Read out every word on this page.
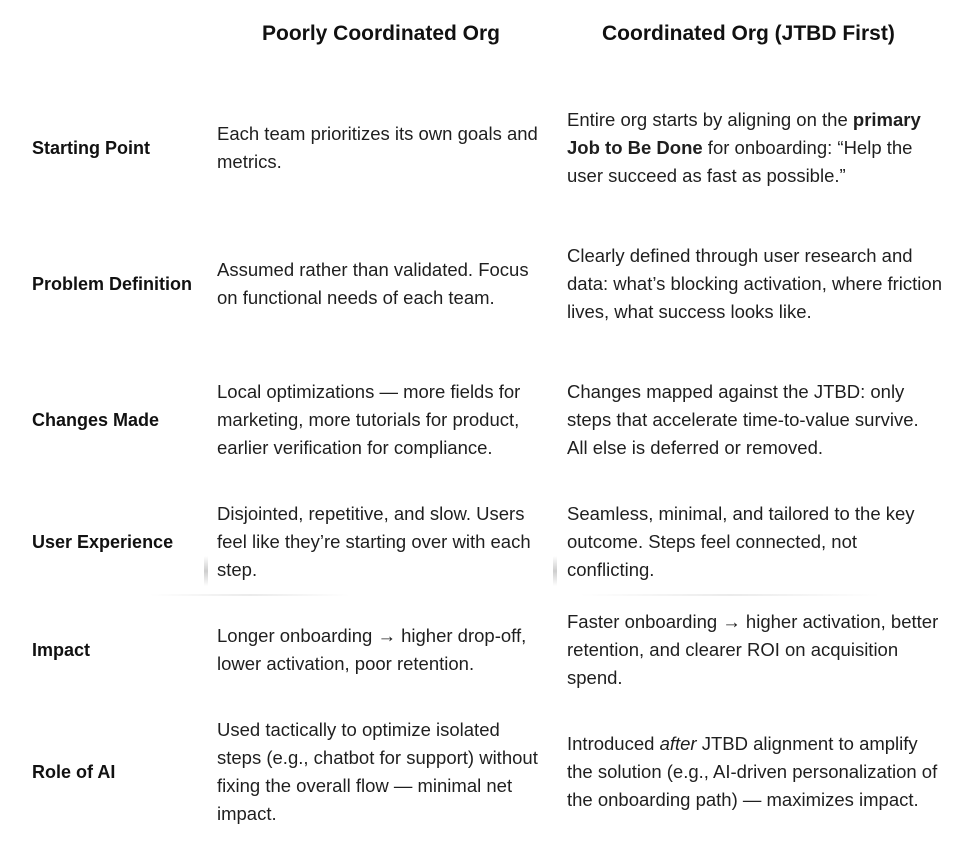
Poorly Coordinated Org	Coordinated Org (JTBD First)
Starting Point
Each team prioritizes its own goals and metrics.
Entire org starts by aligning on the primary Job to Be Done for onboarding: “Help the user succeed as fast as possible.”
Problem Definition
Assumed rather than validated. Focus on functional needs of each team.
Clearly defined through user research and data: what’s blocking activation, where friction lives, what success looks like.
Changes Made
Local optimizations — more fields for marketing, more tutorials for product, earlier verification for compliance.
Changes mapped against the JTBD: only steps that accelerate time-to-value survive. All else is deferred or removed.
User Experience
Disjointed, repetitive, and slow. Users feel like they’re starting over with each step.
Seamless, minimal, and tailored to the key outcome. Steps feel connected, not conflicting.
Impact
Longer onboarding → higher drop-off, lower activation, poor retention.
Faster onboarding → higher activation, better retention, and clearer ROI on acquisition spend.
Role of AI
Used tactically to optimize isolated steps (e.g., chatbot for support) without fixing the overall flow — minimal net impact.
Introduced after JTBD alignment to amplify the solution (e.g., AI-driven personalization of the onboarding path) — maximizes impact.
